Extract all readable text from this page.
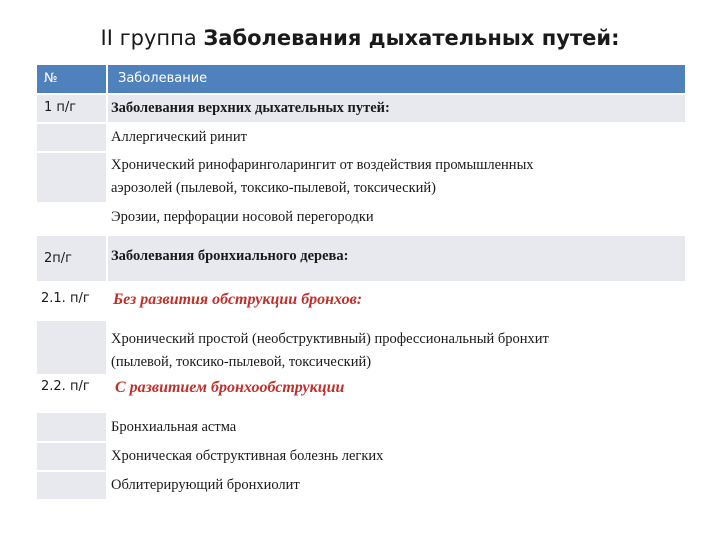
II группа Заболевания дыхательных путей:
№	Заболевание
1 п/г Заболевания верхних дыхательных путей:
Аллергический ринит
Хронический ринофаринголарингит от воздействия промышленных
аэрозолей (пылевой, токсико-пылевой, токсический)
Эрозии, перфорации носовой перегородки
2п/г	Заболевания бронхиального дерева:
2.1. п/г	Без развития обструкции бронхов:
Хронический простой (необструктивный) профессиональный бронхит
(пылевой, токсико-пылевой, токсический)
2.2. п/г	С развитием бронхообструкции
Бронхиальная астма
Хроническая обструктивная болезнь легких
Облитерирующий бронхиолит
